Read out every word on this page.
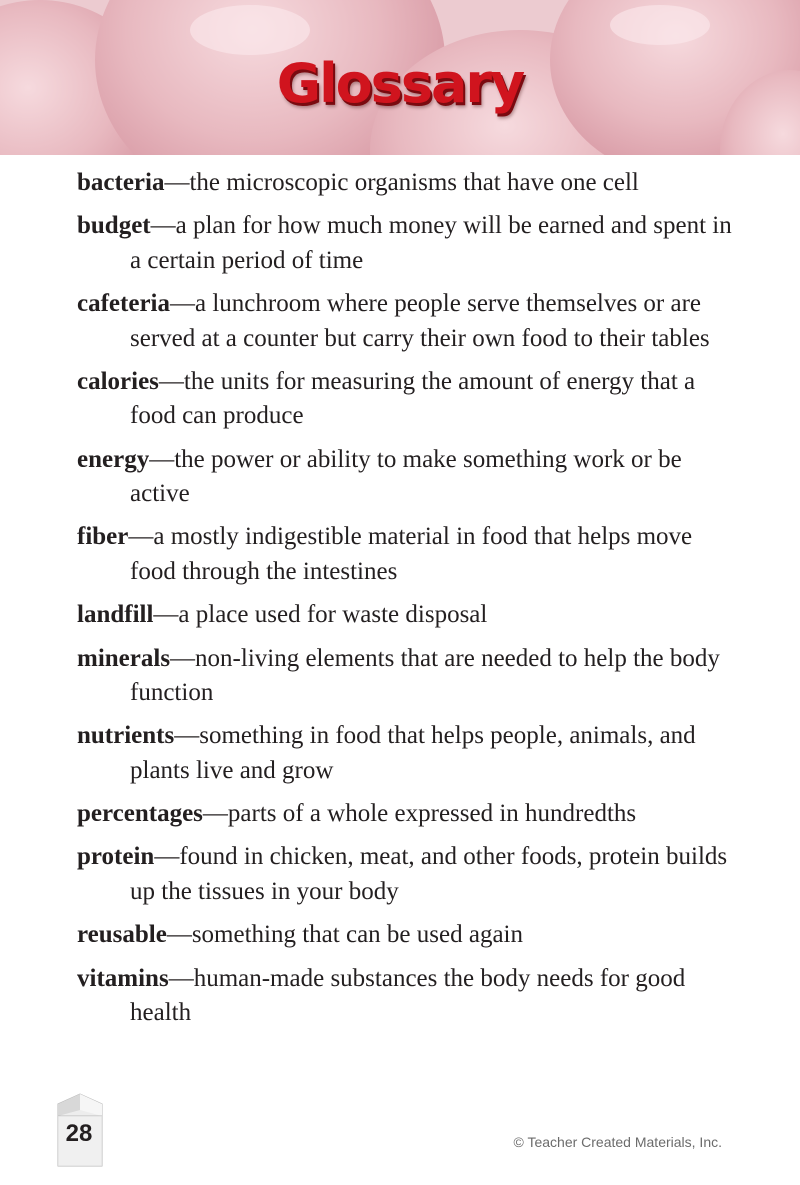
Glossary
bacteria—the microscopic organisms that have one cell
budget—a plan for how much money will be earned and spent in a certain period of time
cafeteria—a lunchroom where people serve themselves or are served at a counter but carry their own food to their tables
calories—the units for measuring the amount of energy that a food can produce
energy—the power or ability to make something work or be active
fiber—a mostly indigestible material in food that helps move food through the intestines
landfill—a place used for waste disposal
minerals—non-living elements that are needed to help the body function
nutrients—something in food that helps people, animals, and plants live and grow
percentages—parts of a whole expressed in hundredths
protein—found in chicken, meat, and other foods, protein builds up the tissues in your body
reusable—something that can be used again
vitamins—human-made substances the body needs for good health
28	© Teacher Created Materials, Inc.
